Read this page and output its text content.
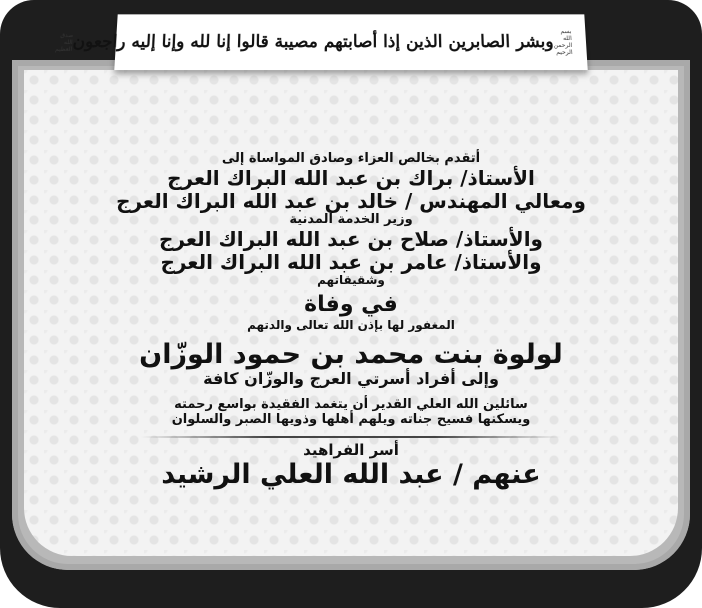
أتقدم بخالص العزاء وصادق المواساة إلى

الأستاذ/ براك بن عبد الله البراك العرج

ومعالي المهندس / خالد بن عبد الله البراك العرج

وزير الخدمة المدنية

والأستاذ/ صلاح بن عبد الله البراك العرج

والأستاذ/ عامر بن عبد الله البراك العرج

وشقيقاتهم

في وفاة

المغفور لها بإذن الله تعالى والدتهم

لولوة بنت محمد بن حمود الوزّان

وإلى أفراد أسرتي العرج والوزّان كافة

سائلين الله العلي القدير أن يتغمد الفقيدة بواسع رحمته

ويسكنها فسيح جناته ويلهم أهلها وذويها الصبر والسلوان

أسر الفراهيد

عنهم / عبد الله العلي الرشيد

بسم الله الرحمن الرحيم
وبشر الصابرين الذين إذا أصابتهم مصيبة قالوا إنا لله وإنا إليه راجعون
صدق الله العظيم
